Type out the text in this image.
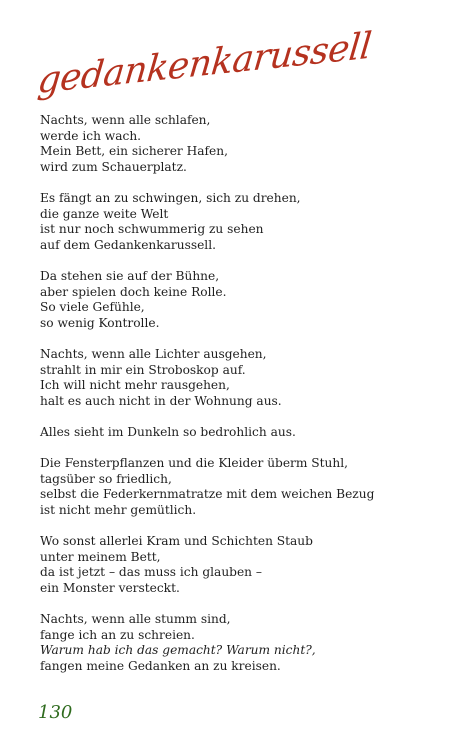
gedankenkarussell
Nachts, wenn alle schlafen,
werde ich wach.
Mein Bett, ein sicherer Hafen,
wird zum Schauerplatz.
Es fängt an zu schwingen, sich zu drehen,
die ganze weite Welt
ist nur noch schwummerig zu sehen
auf dem Gedankenkarussell.
Da stehen sie auf der Bühne,
aber spielen doch keine Rolle.
So viele Gefühle,
so wenig Kontrolle.
Nachts, wenn alle Lichter ausgehen,
strahlt in mir ein Stroboskop auf.
Ich will nicht mehr rausgehen,
halt es auch nicht in der Wohnung aus.
Alles sieht im Dunkeln so bedrohlich aus.
Die Fensterpflanzen und die Kleider überm Stuhl,
tagsüber so friedlich,
selbst die Federkernmatratze mit dem weichen Bezug
ist nicht mehr gemütlich.
Wo sonst allerlei Kram und Schichten Staub
unter meinem Bett,
da ist jetzt – das muss ich glauben –
ein Monster versteckt.
Nachts, wenn alle stumm sind,
fange ich an zu schreien.
Warum hab ich das gemacht? Warum nicht?,
fangen meine Gedanken an zu kreisen.
130
